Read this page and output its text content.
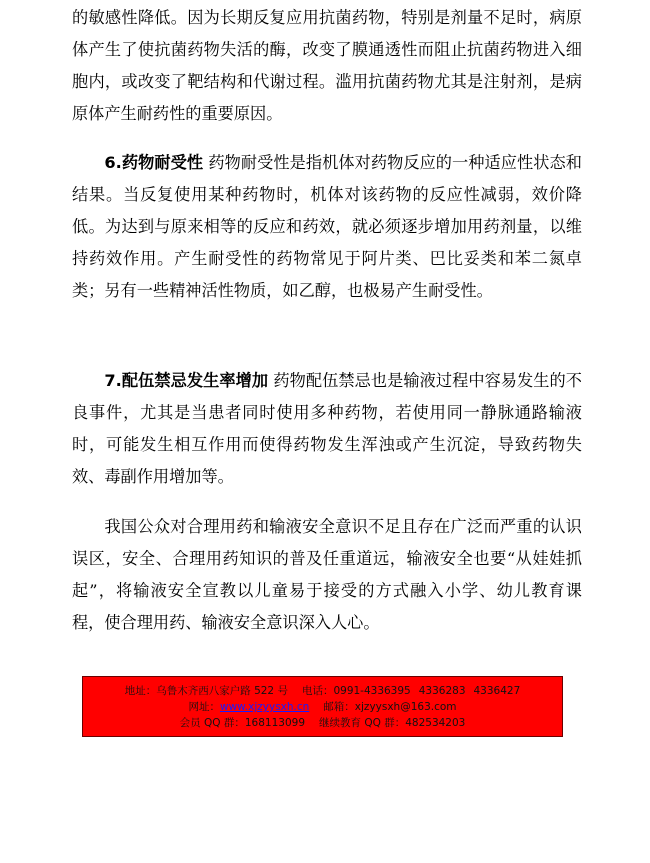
的敏感性降低。因为长期反复应用抗菌药物，特别是剂量不足时，病原体产生了使抗菌药物失活的酶，改变了膜通透性而阻止抗菌药物进入细胞内，或改变了靶结构和代谢过程。滥用抗菌药物尤其是注射剂，是病原体产生耐药性的重要原因。

6.药物耐受性 药物耐受性是指机体对药物反应的一种适应性状态和结果。当反复使用某种药物时，机体对该药物的反应性减弱，效价降低。为达到与原来相等的反应和药效，就必须逐步增加用药剂量，以维持药效作用。产生耐受性的药物常见于阿片类、巴比妥类和苯二氮卓类；另有一些精神活性物质，如乙醇，也极易产生耐受性。

7.配伍禁忌发生率增加 药物配伍禁忌也是输液过程中容易发生的不良事件，尤其是当患者同时使用多种药物，若使用同一静脉通路输液时，可能发生相互作用而使得药物发生浑浊或产生沉淀，导致药物失效、毒副作用增加等。

我国公众对合理用药和输液安全意识不足且存在广泛而严重的认识误区，安全、合理用药知识的普及任重道远，输液安全也要“从娃娃抓起”，将输液安全宣教以儿童易于接受的方式融入小学、幼儿教育课程，使合理用药、输液安全意识深入人心。

地址：乌鲁木齐西八家户路 522 号 电话：0991-4336395 4336283 4336427
网址：www.xjzyysxh.cn 邮箱：xjzyysxh@163.com
会员 QQ 群：168113099 继续教育 QQ 群：482534203
